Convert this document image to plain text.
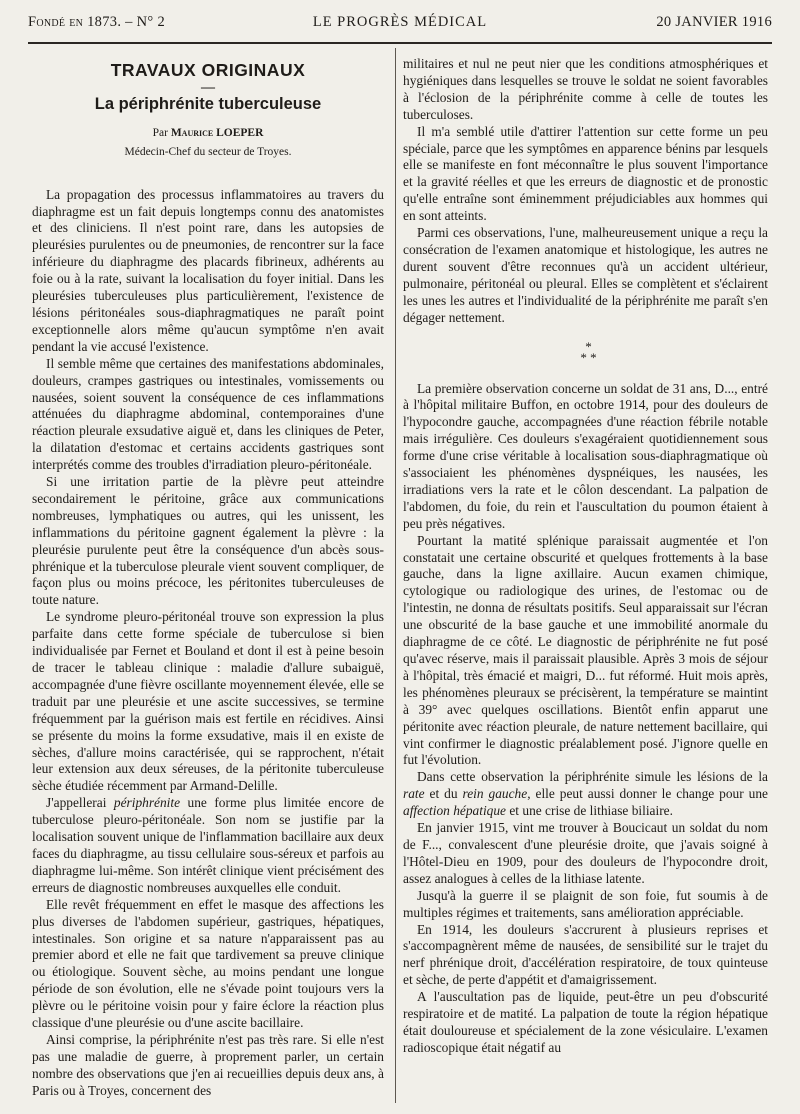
Fondé en 1873. – N° 2	LE PROGRÈS MÉDICAL	20 JANVIER 1916
TRAVAUX ORIGINAUX
—
La périphrénite tuberculeuse
Par Maurice LOEPER
Médecin-Chef du secteur de Troyes.

La propagation des processus inflammatoires au travers du diaphragme est un fait depuis longtemps connu des anatomistes et des cliniciens. Il n'est point rare, dans les autopsies de pleurésies purulentes ou de pneumonies, de rencontrer sur la face inférieure du diaphragme des placards fibrineux, adhérents au foie ou à la rate, suivant la localisation du foyer initial. Dans les pleurésies tuberculeuses plus particulièrement, l'existence de lésions péritonéales sous-diaphragmatiques ne paraît point exceptionnelle alors même qu'aucun symptôme n'en avait pendant la vie accusé l'existence.

Il semble même que certaines des manifestations abdominales, douleurs, crampes gastriques ou intestinales, vomissements ou nausées, soient souvent la conséquence de ces inflammations atténuées du diaphragme abdominal, contemporaines d'une réaction pleurale exsudative aiguë et, dans les cliniques de Peter, la dilatation d'estomac et certains accidents gastriques sont interprétés comme des troubles d'irradiation pleuro-péritonéale.

Si une irritation partie de la plèvre peut atteindre secondairement le péritoine, grâce aux communications nombreuses, lymphatiques ou autres, qui les unissent, les inflammations du péritoine gagnent également la plèvre : la pleurésie purulente peut être la conséquence d'un abcès sous-phrénique et la tuberculose pleurale vient souvent compliquer, de façon plus ou moins précoce, les péritonites tuberculeuses de toute nature.

Le syndrome pleuro-péritonéal trouve son expression la plus parfaite dans cette forme spéciale de tuberculose si bien individualisée par Fernet et Bouland et dont il est à peine besoin de tracer le tableau clinique : maladie d'allure subaiguë, accompagnée d'une fièvre oscillante moyennement élevée, elle se traduit par une pleurésie et une ascite successives, se termine fréquemment par la guérison mais est fertile en récidives. Ainsi se présente du moins la forme exsudative, mais il en existe de sèches, d'allure moins caractérisée, qui se rapprochent, n'était leur extension aux deux séreuses, de la péritonite tuberculeuse sèche étudiée récemment par Armand-Delille.

J'appellerai périphrénite une forme plus limitée encore de tuberculose pleuro-péritonéale. Son nom se justifie par la localisation souvent unique de l'inflammation bacillaire aux deux faces du diaphragme, au tissu cellulaire sous-séreux et parfois au diaphragme lui-même. Son intérêt clinique vient précisément des erreurs de diagnostic nombreuses auxquelles elle conduit.

Elle revêt fréquemment en effet le masque des affections les plus diverses de l'abdomen supérieur, gastriques, hépatiques, intestinales. Son origine et sa nature n'apparaissent pas au premier abord et elle ne fait que tardivement sa preuve clinique ou étiologique. Souvent sèche, au moins pendant une longue période de son évolution, elle ne s'évade point toujours vers la plèvre ou le péritoine voisin pour y faire éclore la réaction plus classique d'une pleurésie ou d'une ascite bacillaire.

Ainsi comprise, la périphrénite n'est pas très rare. Si elle n'est pas une maladie de guerre, à proprement parler, un certain nombre des observations que j'en ai recueillies depuis deux ans, à Paris ou à Troyes, concernent des

militaires et nul ne peut nier que les conditions atmosphériques et hygiéniques dans lesquelles se trouve le soldat ne soient favorables à l'éclosion de la périphrénite comme à celle de toutes les tuberculoses.

Il m'a semblé utile d'attirer l'attention sur cette forme un peu spéciale, parce que les symptômes en apparence bénins par lesquels elle se manifeste en font méconnaître le plus souvent l'importance et la gravité réelles et que les erreurs de diagnostic et de pronostic qu'elle entraîne sont éminemment préjudiciables aux hommes qui en sont atteints.

Parmi ces observations, l'une, malheureusement unique a reçu la consécration de l'examen anatomique et histologique, les autres ne durent souvent d'être reconnues qu'à un accident ultérieur, pulmonaire, péritonéal ou pleural. Elles se complètent et s'éclairent les unes les autres et l'individualité de la périphrénite me paraît s'en dégager nettement.

*
* *

La première observation concerne un soldat de 31 ans, D..., entré à l'hôpital militaire Buffon, en octobre 1914, pour des douleurs de l'hypocondre gauche, accompagnées d'une réaction fébrile notable mais irrégulière. Ces douleurs s'exagéraient quotidiennement sous forme d'une crise véritable à localisation sous-diaphragmatique où s'associaient les phénomènes dyspnéiques, les nausées, les irradiations vers la rate et le côlon descendant. La palpation de l'abdomen, du foie, du rein et l'auscultation du poumon étaient à peu près négatives.

Pourtant la matité splénique paraissait augmentée et l'on constatait une certaine obscurité et quelques frottements à la base gauche, dans la ligne axillaire. Aucun examen chimique, cytologique ou radiologique des urines, de l'estomac ou de l'intestin, ne donna de résultats positifs. Seul apparaissait sur l'écran une obscurité de la base gauche et une immobilité anormale du diaphragme de ce côté. Le diagnostic de périphrénite ne fut posé qu'avec réserve, mais il paraissait plausible. Après 3 mois de séjour à l'hôpital, très émacié et maigri, D... fut réformé. Huit mois après, les phénomènes pleuraux se précisèrent, la température se maintint à 39° avec quelques oscillations. Bientôt enfin apparut une péritonite avec réaction pleurale, de nature nettement bacillaire, qui vint confirmer le diagnostic préalablement posé. J'ignore quelle en fut l'évolution.

Dans cette observation la périphrénite simule les lésions de la rate et du rein gauche, elle peut aussi donner le change pour une affection hépatique et une crise de lithiase biliaire.

En janvier 1915, vint me trouver à Boucicaut un soldat du nom de F..., convalescent d'une pleurésie droite, que j'avais soigné à l'Hôtel-Dieu en 1909, pour des douleurs de l'hypocondre droit, assez analogues à celles de la lithiase latente.

Jusqu'à la guerre il se plaignit de son foie, fut soumis à de multiples régimes et traitements, sans amélioration appréciable.

En 1914, les douleurs s'accrurent à plusieurs reprises et s'accompagnèrent même de nausées, de sensibilité sur le trajet du nerf phrénique droit, d'accélération respiratoire, de toux quinteuse et sèche, de perte d'appétit et d'amaigrissement.

A l'auscultation pas de liquide, peut-être un peu d'obscurité respiratoire et de matité. La palpation de toute la région hépatique était douloureuse et spécialement de la zone vésiculaire. L'examen radioscopique était négatif au
